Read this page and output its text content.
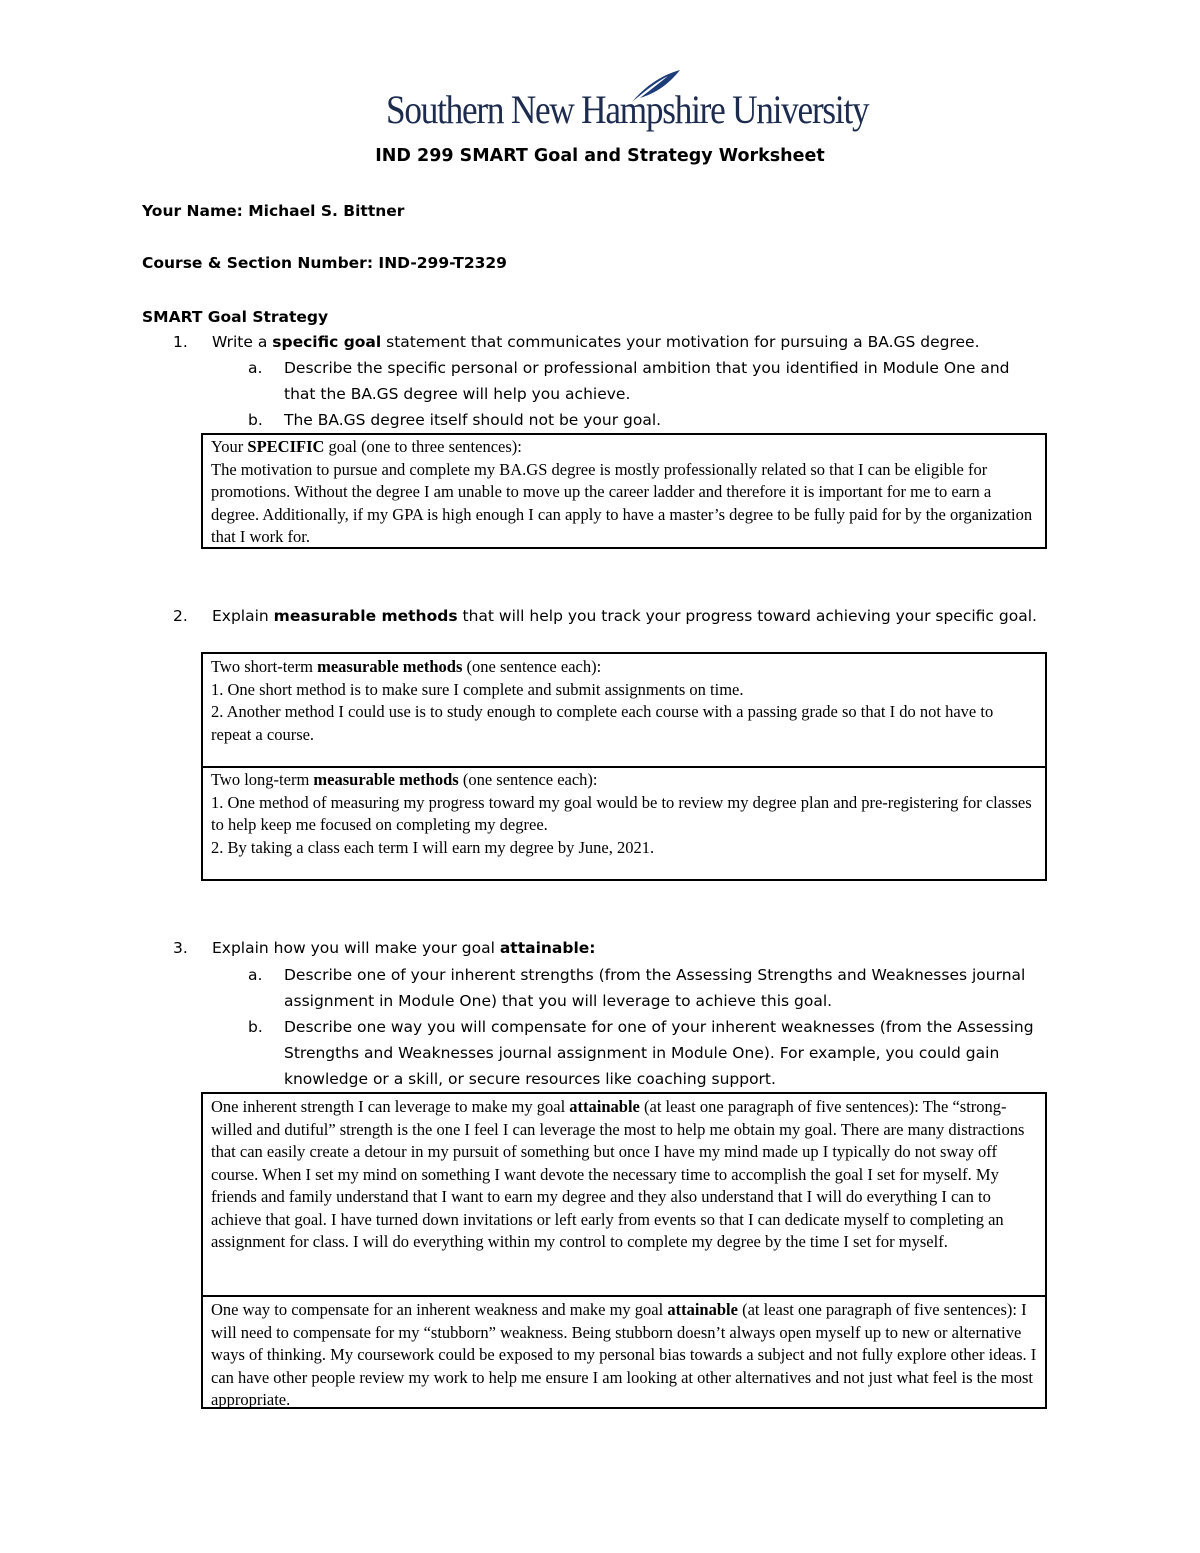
Southern New Hampshire University
IND 299 SMART Goal and Strategy Worksheet
Your Name: Michael S. Bittner
Course & Section Number: IND-299-T2329
SMART Goal Strategy
1. Write a specific goal statement that communicates your motivation for pursuing a BA.GS degree.
a. Describe the specific personal or professional ambition that you identified in Module One and that the BA.GS degree will help you achieve.
b. The BA.GS degree itself should not be your goal.

Your SPECIFIC goal (one to three sentences):

The motivation to pursue and complete my BA.GS degree is mostly professionally related so that I can be eligible for promotions. Without the degree I am unable to move up the career ladder and therefore it is important for me to earn a degree. Additionally, if my GPA is high enough I can apply to have a master’s degree to be fully paid for by the organization that I work for.

2. Explain measurable methods that will help you track your progress toward achieving your specific goal.

Two short-term measurable methods (one sentence each):

1. One short method is to make sure I complete and submit assignments on time.

2. Another method I could use is to study enough to complete each course with a passing grade so that I do not have to repeat a course.

Two long-term measurable methods (one sentence each):

1. One method of measuring my progress toward my goal would be to review my degree plan and pre-registering for classes to help keep me focused on completing my degree.

2. By taking a class each term I will earn my degree by June, 2021.

3. Explain how you will make your goal attainable:
a. Describe one of your inherent strengths (from the Assessing Strengths and Weaknesses journal assignment in Module One) that you will leverage to achieve this goal.
b. Describe one way you will compensate for one of your inherent weaknesses (from the Assessing Strengths and Weaknesses journal assignment in Module One). For example, you could gain knowledge or a skill, or secure resources like coaching support.

One inherent strength I can leverage to make my goal attainable (at least one paragraph of five sentences): The “strong-willed and dutiful” strength is the one I feel I can leverage the most to help me obtain my goal. There are many distractions that can easily create a detour in my pursuit of something but once I have my mind made up I typically do not sway off course. When I set my mind on something I want devote the necessary time to accomplish the goal I set for myself. My friends and family understand that I want to earn my degree and they also understand that I will do everything I can to achieve that goal. I have turned down invitations or left early from events so that I can dedicate myself to completing an assignment for class. I will do everything within my control to complete my degree by the time I set for myself.

One way to compensate for an inherent weakness and make my goal attainable (at least one paragraph of five sentences): I will need to compensate for my “stubborn” weakness. Being stubborn doesn’t always open myself up to new or alternative ways of thinking. My coursework could be exposed to my personal bias towards a subject and not fully explore other ideas. I can have other people review my work to help me ensure I am looking at other alternatives and not just what feel is the most appropriate.
